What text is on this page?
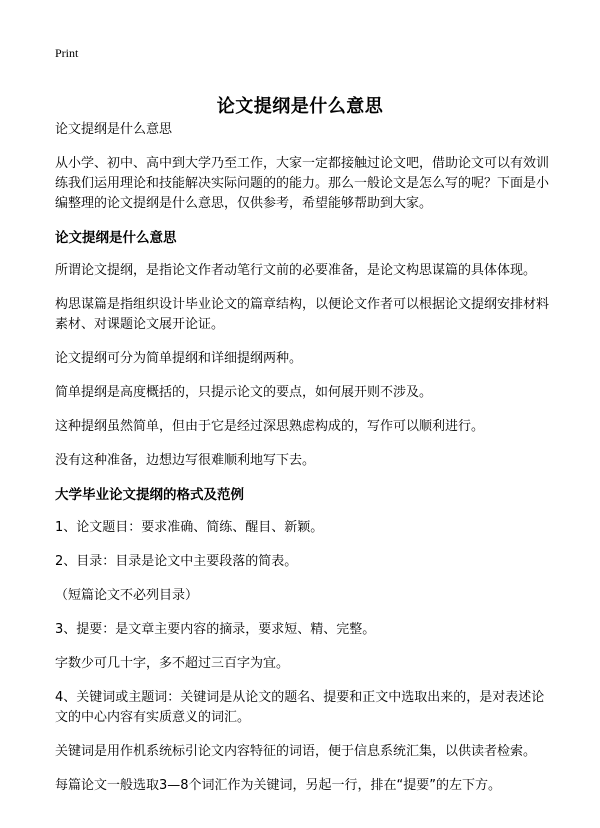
Print
论文提纲是什么意思

论文提纲是什么意思

从小学、初中、高中到大学乃至工作，大家一定都接触过论文吧，借助论文可以有效训练我们运用理论和技能解决实际问题的的能力。那么一般论文是怎么写的呢？下面是小编整理的论文提纲是什么意思，仅供参考，希望能够帮助到大家。

论文提纲是什么意思

所谓论文提纲，是指论文作者动笔行文前的必要准备，是论文构思谋篇的具体体现。

构思谋篇是指组织设计毕业论文的篇章结构，以便论文作者可以根据论文提纲安排材料素材、对课题论文展开论证。

论文提纲可分为简单提纲和详细提纲两种。

简单提纲是高度概括的，只提示论文的要点，如何展开则不涉及。

这种提纲虽然简单，但由于它是经过深思熟虑构成的，写作可以顺利进行。

没有这种准备，边想边写很难顺利地写下去。

大学毕业论文提纲的格式及范例

1、论文题目：要求准确、简练、醒目、新颖。

2、目录：目录是论文中主要段落的简表。

（短篇论文不必列目录）

3、提要：是文章主要内容的摘录，要求短、精、完整。

字数少可几十字，多不超过三百字为宜。

4、关键词或主题词：关键词是从论文的题名、提要和正文中选取出来的，是对表述论文的中心内容有实质意义的词汇。

关键词是用作机系统标引论文内容特征的词语，便于信息系统汇集，以供读者检索。

每篇论文一般选取3—8个词汇作为关键词，另起一行，排在“提要”的左下方。
